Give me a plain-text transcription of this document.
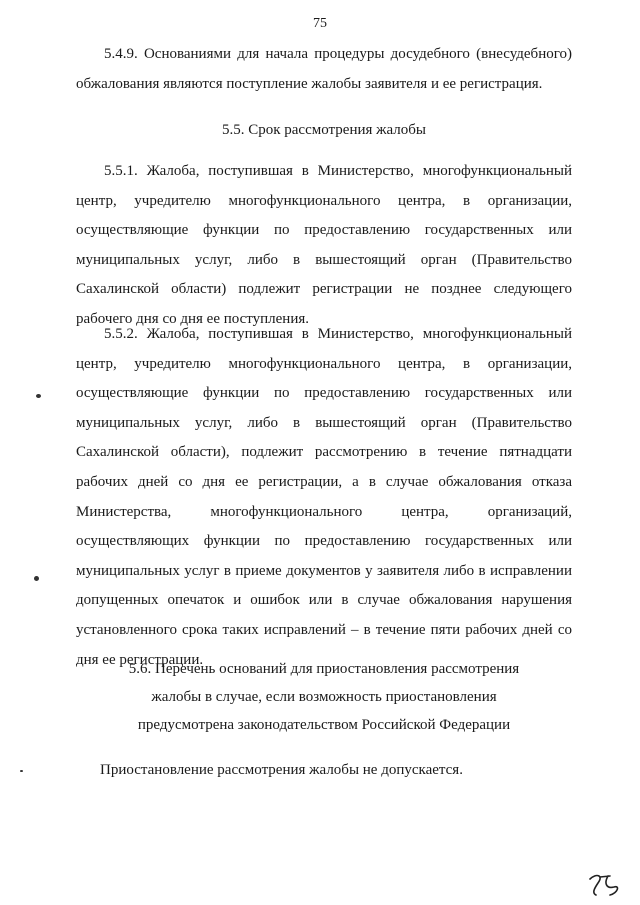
75

5.4.9. Основаниями для начала процедуры досудебного (внесудебного) обжалования являются поступление жалобы заявителя и ее регистрация.

5.5. Срок рассмотрения жалобы

5.5.1. Жалоба, поступившая в Министерство, многофункциональный центр, учредителю многофункционального центра, в организации, осуществляющие функции по предоставлению государственных или муниципальных услуг, либо в вышестоящий орган (Правительство Сахалинской области) подлежит регистрации не позднее следующего рабочего дня со дня ее поступления.

5.5.2. Жалоба, поступившая в Министерство, многофункциональный центр, учредителю многофункционального центра, в организации, осуществляющие функции по предоставлению государственных или муниципальных услуг, либо в вышестоящий орган (Правительство Сахалинской области), подлежит рассмотрению в течение пятнадцати рабочих дней со дня ее регистрации, а в случае обжалования отказа Министерства, многофункционального центра, организаций, осуществляющих функции по предоставлению государственных или муниципальных услуг в приеме документов у заявителя либо в исправлении допущенных опечаток и ошибок или в случае обжалования нарушения установленного срока таких исправлений – в течение пяти рабочих дней со дня ее регистрации.

5.6. Перечень оснований для приостановления рассмотрения
жалобы в случае, если возможность приостановления
предусмотрена законодательством Российской Федерации

Приостановление рассмотрения жалобы не допускается.
